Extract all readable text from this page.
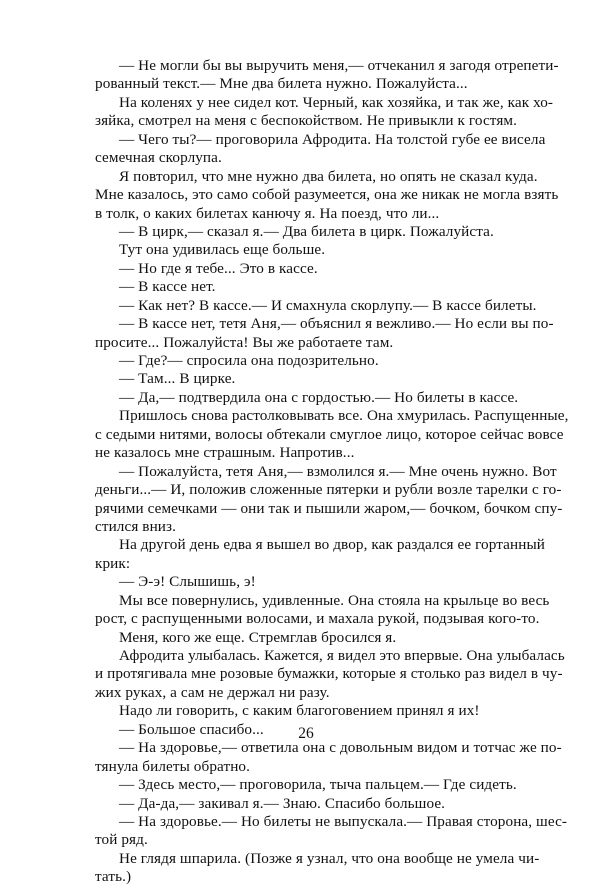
— Не могли бы вы выручить меня,— отчеканил я загодя отрепети-
рованный текст.— Мне два билета нужно. Пожалуйста...
На коленях у нее сидел кот. Черный, как хозяйка, и так же, как хо-
зяйка, смотрел на меня с беспокойством. Не привыкли к гостям.
— Чего ты?— проговорила Афродита. На толстой губе ее висела
семечная скорлупа.
Я повторил, что мне нужно два билета, но опять не сказал куда.
Мне казалось, это само собой разумеется, она же никак не могла взять
в толк, о каких билетах канючу я. На поезд, что ли...
— В цирк,— сказал я.— Два билета в цирк. Пожалуйста.
Тут она удивилась еще больше.
— Но где я тебе... Это в кассе.
— В кассе нет.
— Как нет? В кассе.— И смахнула скорлупу.— В кассе билеты.
— В кассе нет, тетя Аня,— объяснил я вежливо.— Но если вы по-
просите... Пожалуйста! Вы же работаете там.
— Где?— спросила она подозрительно.
— Там... В цирке.
— Да,— подтвердила она с гордостью.— Но билеты в кассе.
Пришлось снова растолковывать все. Она хмурилась. Распущенные,
с седыми нитями, волосы обтекали смуглое лицо, которое сейчас вовсе
не казалось мне страшным. Напротив...
— Пожалуйста, тетя Аня,— взмолился я.— Мне очень нужно. Вот
деньги...— И, положив сложенные пятерки и рубли возле тарелки с го-
рячими семечками — они так и пышили жаром,— бочком, бочком спу-
стился вниз.
На другой день едва я вышел во двор, как раздался ее гортанный
крик:
— Э-э! Слышишь, э!
Мы все повернулись, удивленные. Она стояла на крыльце во весь
рост, с распущенными волосами, и махала рукой, подзывая кого-то.
Меня, кого же еще. Стремглав бросился я.
Афродита улыбалась. Кажется, я видел это впервые. Она улыбалась
и протягивала мне розовые бумажки, которые я столько раз видел в чу-
жих руках, а сам не держал ни разу.
Надо ли говорить, с каким благоговением принял я их!
— Большое спасибо...
— На здоровье,— ответила она с довольным видом и тотчас же по-
тянула билеты обратно.
— Здесь место,— проговорила, тыча пальцем.— Где сидеть.
— Да-да,— закивал я.— Знаю. Спасибо большое.
— На здоровье.— Но билеты не выпускала.— Правая сторона, шес-
той ряд.
Не глядя шпарила. (Позже я узнал, что она вообще не умела чи-
тать.)
26
